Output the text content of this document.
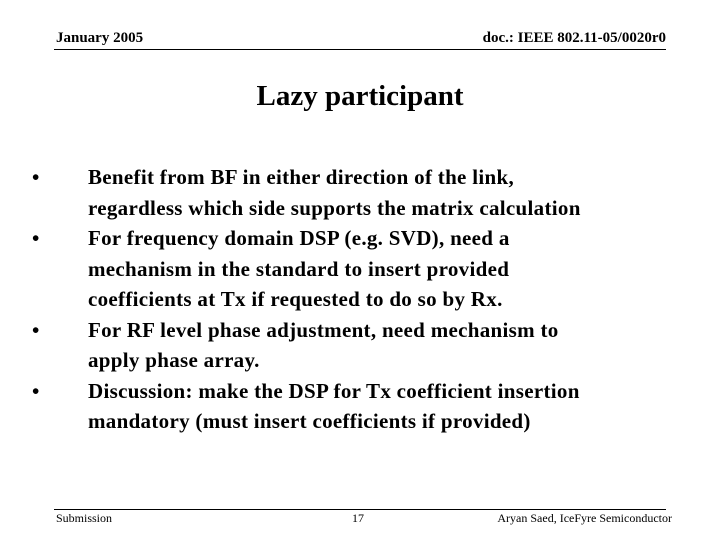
January 2005	doc.: IEEE 802.11-05/0020r0
Lazy participant
• Benefit from BF in either direction of the link,
regardless which side supports the matrix calculation
• For frequency domain DSP (e.g. SVD), need a
mechanism in the standard to insert provided
coefficients at Tx if requested to do so by Rx.
• For RF level phase adjustment, need mechanism to
apply phase array.
• Discussion: make the DSP for Tx coefficient insertion
mandatory (must insert coefficients if provided)
Submission	17	Aryan Saed, IceFyre Semiconductor
